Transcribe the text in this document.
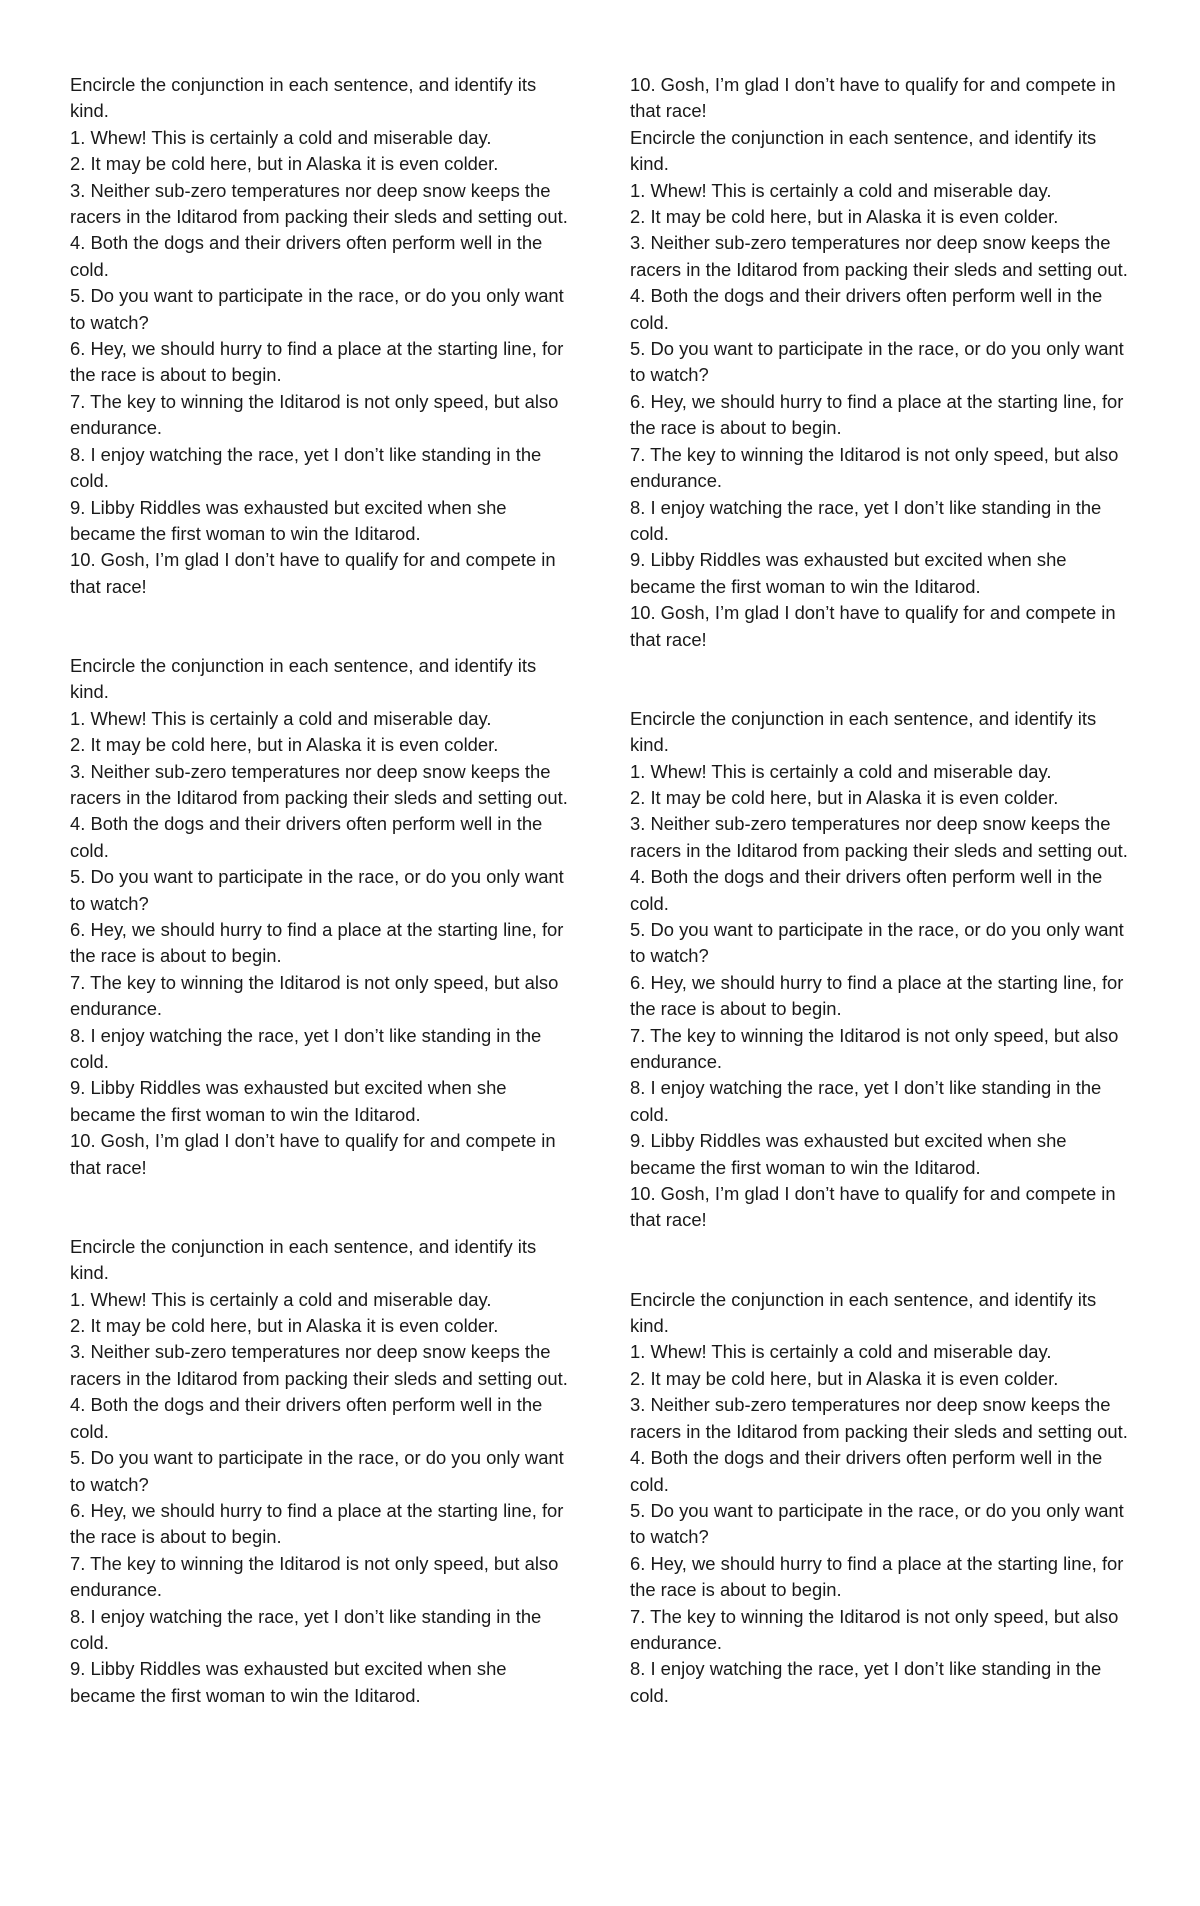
Encircle the conjunction in each sentence, and identify its kind.

1. Whew! This is certainly a cold and miserable day.

2. It may be cold here, but in Alaska it is even colder.

3. Neither sub-zero temperatures nor deep snow keeps the racers in the Iditarod from packing their sleds and setting out.

4. Both the dogs and their drivers often perform well in the cold.

5. Do you want to participate in the race, or do you only want to watch?

6. Hey, we should hurry to find a place at the starting line, for the race is about to begin.

7. The key to winning the Iditarod is not only speed, but also endurance.

8. I enjoy watching the race, yet I don’t like standing in the cold.

9. Libby Riddles was exhausted but excited when she became the first woman to win the Iditarod.

10. Gosh, I’m glad I don’t have to qualify for and compete in that race!

Encircle the conjunction in each sentence, and identify its kind.

1. Whew! This is certainly a cold and miserable day.

2. It may be cold here, but in Alaska it is even colder.

3. Neither sub-zero temperatures nor deep snow keeps the racers in the Iditarod from packing their sleds and setting out.

4. Both the dogs and their drivers often perform well in the cold.

5. Do you want to participate in the race, or do you only want to watch?

6. Hey, we should hurry to find a place at the starting line, for the race is about to begin.

7. The key to winning the Iditarod is not only speed, but also endurance.

8. I enjoy watching the race, yet I don’t like standing in the cold.

9. Libby Riddles was exhausted but excited when she became the first woman to win the Iditarod.

10. Gosh, I’m glad I don’t have to qualify for and compete in that race!

Encircle the conjunction in each sentence, and identify its kind.

1. Whew! This is certainly a cold and miserable day.

2. It may be cold here, but in Alaska it is even colder.

3. Neither sub-zero temperatures nor deep snow keeps the racers in the Iditarod from packing their sleds and setting out.

4. Both the dogs and their drivers often perform well in the cold.

5. Do you want to participate in the race, or do you only want to watch?

6. Hey, we should hurry to find a place at the starting line, for the race is about to begin.

7. The key to winning the Iditarod is not only speed, but also endurance.

8. I enjoy watching the race, yet I don’t like standing in the cold.

9. Libby Riddles was exhausted but excited when she became the first woman to win the Iditarod.

10. Gosh, I’m glad I don’t have to qualify for and compete in that race!

Encircle the conjunction in each sentence, and identify its kind.

1. Whew! This is certainly a cold and miserable day.

2. It may be cold here, but in Alaska it is even colder.

3. Neither sub-zero temperatures nor deep snow keeps the racers in the Iditarod from packing their sleds and setting out.

4. Both the dogs and their drivers often perform well in the cold.

5. Do you want to participate in the race, or do you only want to watch?

6. Hey, we should hurry to find a place at the starting line, for the race is about to begin.

7. The key to winning the Iditarod is not only speed, but also endurance.

8. I enjoy watching the race, yet I don’t like standing in the cold.

9. Libby Riddles was exhausted but excited when she became the first woman to win the Iditarod.

10. Gosh, I’m glad I don’t have to qualify for and compete in that race!

Encircle the conjunction in each sentence, and identify its kind.

1. Whew! This is certainly a cold and miserable day.

2. It may be cold here, but in Alaska it is even colder.

3. Neither sub-zero temperatures nor deep snow keeps the racers in the Iditarod from packing their sleds and setting out.

4. Both the dogs and their drivers often perform well in the cold.

5. Do you want to participate in the race, or do you only want to watch?

6. Hey, we should hurry to find a place at the starting line, for the race is about to begin.

7. The key to winning the Iditarod is not only speed, but also endurance.

8. I enjoy watching the race, yet I don’t like standing in the cold.

9. Libby Riddles was exhausted but excited when she became the first woman to win the Iditarod.

10. Gosh, I’m glad I don’t have to qualify for and compete in that race!

Encircle the conjunction in each sentence, and identify its kind.

1. Whew! This is certainly a cold and miserable day.

2. It may be cold here, but in Alaska it is even colder.

3. Neither sub-zero temperatures nor deep snow keeps the racers in the Iditarod from packing their sleds and setting out.

4. Both the dogs and their drivers often perform well in the cold.

5. Do you want to participate in the race, or do you only want to watch?

6. Hey, we should hurry to find a place at the starting line, for the race is about to begin.

7. The key to winning the Iditarod is not only speed, but also endurance.

8. I enjoy watching the race, yet I don’t like standing in the cold.
